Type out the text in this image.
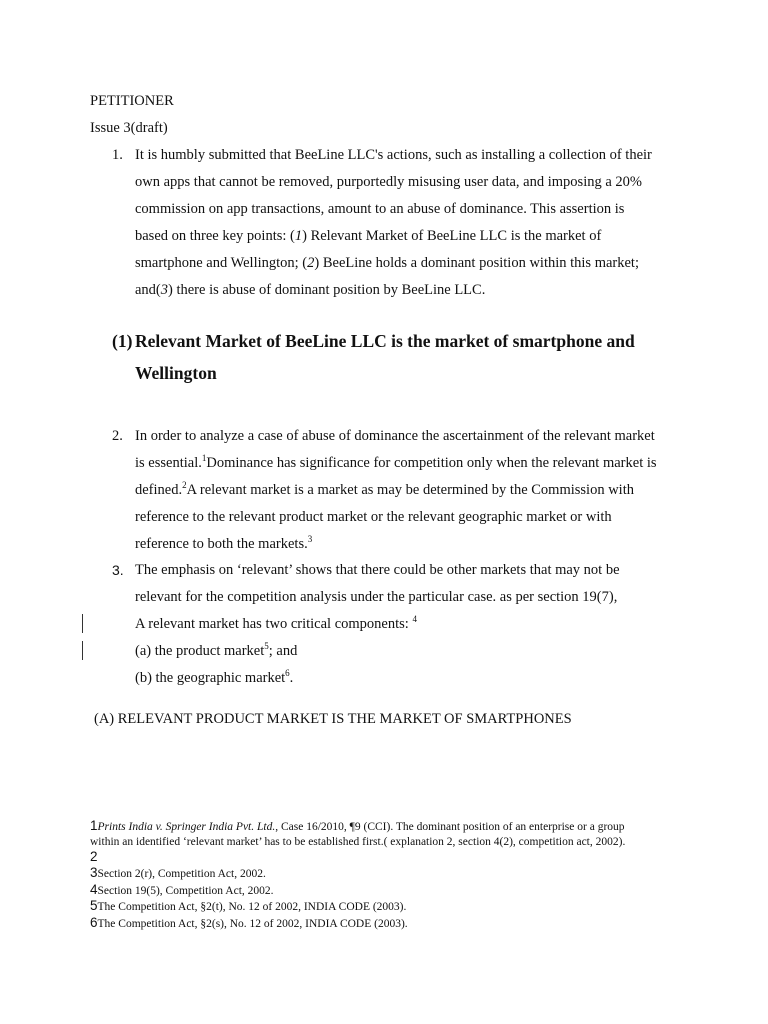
PETITIONER
Issue 3(draft)
1. It is humbly submitted that BeeLine LLC's actions, such as installing a collection of their
own apps that cannot be removed, purportedly misusing user data, and imposing a 20%
commission on app transactions, amount to an abuse of dominance. This assertion is
based on three key points: (1) Relevant Market of BeeLine LLC is the market of
smartphone and Wellington; (2) BeeLine holds a dominant position within this market;
and(3) there is abuse of dominant position by BeeLine LLC.
(1) Relevant Market of BeeLine LLC is the market of smartphone and
Wellington
2. In order to analyze a case of abuse of dominance the ascertainment of the relevant market
is essential.$^1$Dominance has significance for competition only when the relevant market is
defined.$^2$A relevant market is a market as may be determined by the Commission with
reference to the relevant product market or the relevant geographic market or with
reference to both the markets.$^3$
3. The emphasis on ‘relevant’ shows that there could be other markets that may not be
relevant for the competition analysis under the particular case. as per section 19(7),
A relevant market has two critical components: $^4$
(a) the product market$^5$; and
(b) the geographic market$^6$.
(A) RELEVANT PRODUCT MARKET IS THE MARKET OF SMARTPHONES
1Prints India v. Springer India Pvt. Ltd., Case 16/2010, ¶9 (CCI). The dominant position of an enterprise or a group
within an identified ‘relevant market’ has to be established first.( explanation 2, section 4(2), competition act, 2002).
2
3Section 2(r), Competition Act, 2002.
4Section 19(5), Competition Act, 2002.
5The Competition Act, §2(t), No. 12 of 2002, INDIA CODE (2003).
6The Competition Act, §2(s), No. 12 of 2002, INDIA CODE (2003).
